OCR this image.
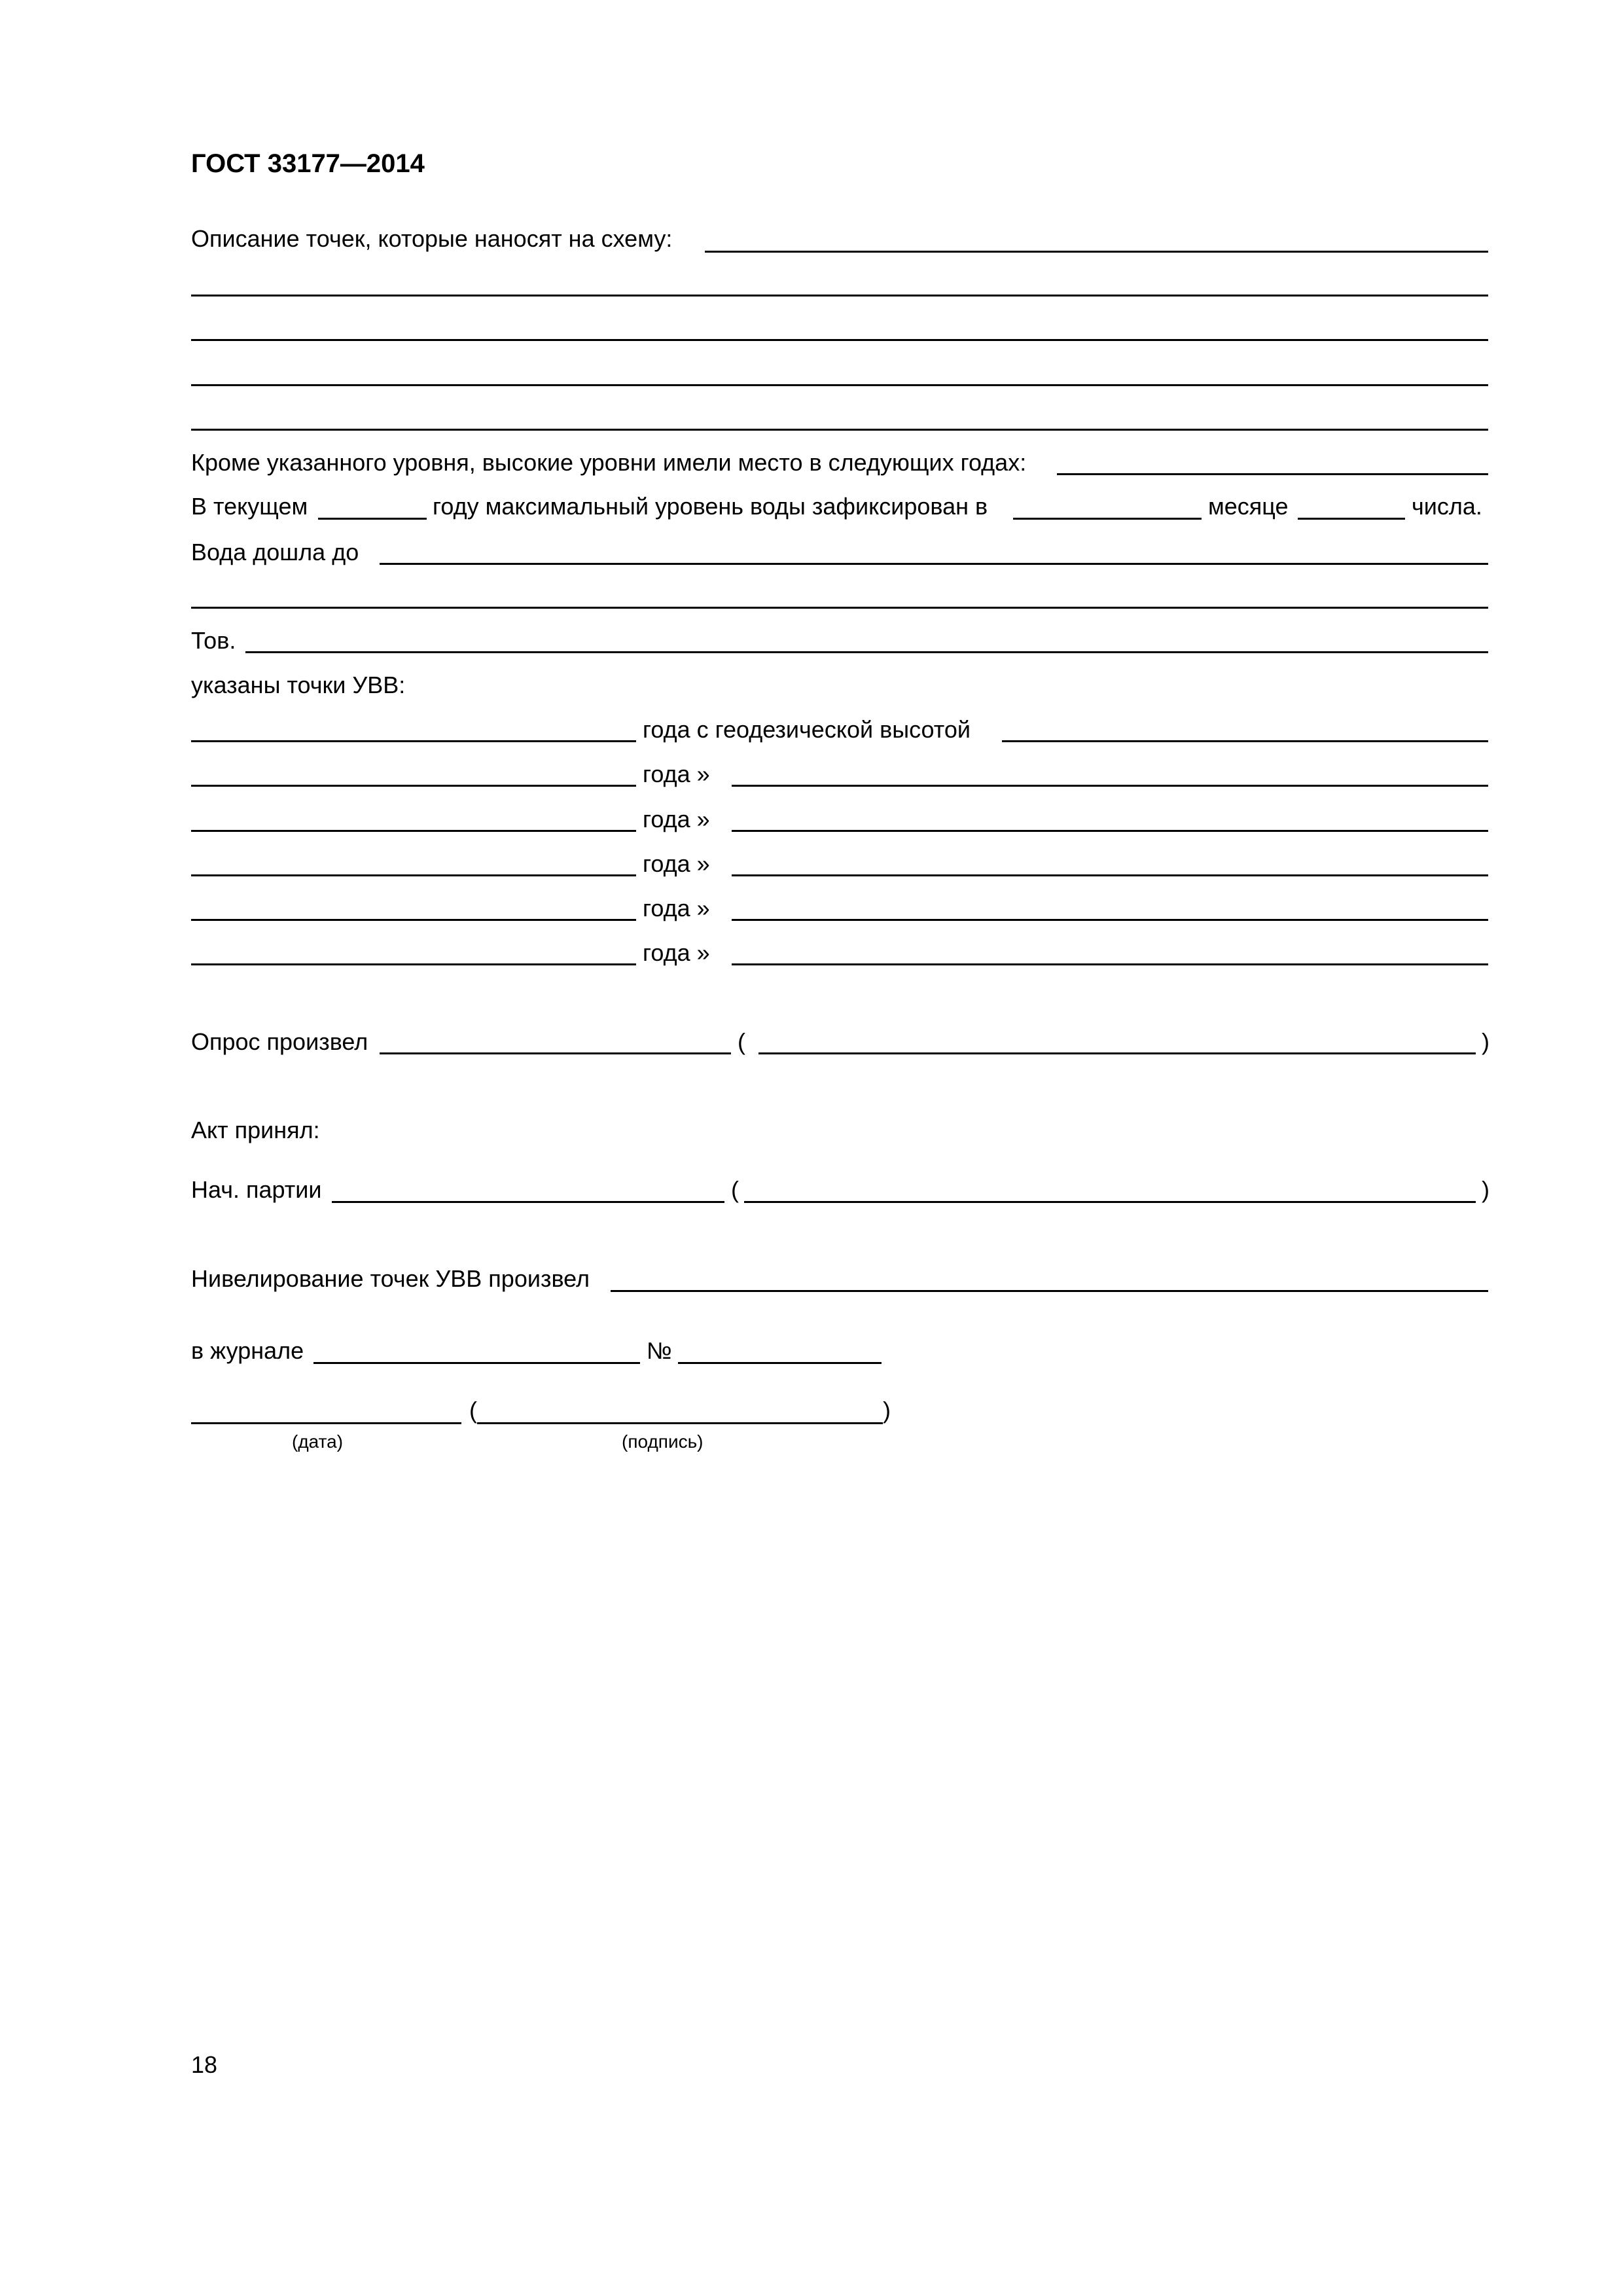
ГОСТ 33177—2014
Описание точек, которые наносят на схему:
Кроме указанного уровня, высокие уровни имели место в следующих годах:
В текущем	году максимальный уровень воды зафиксирован в	месяце	числа.
Вода дошла до
Тов.
указаны точки УВВ:
года с геодезической высотой
года »
года »
года »
года »
года »
Опрос произвел	(	)
Акт принял:
Нач. партии	(	)
Нивелирование точек УВВ произвел
в журнале	№
(	)
(дата)	(подпись)
18
